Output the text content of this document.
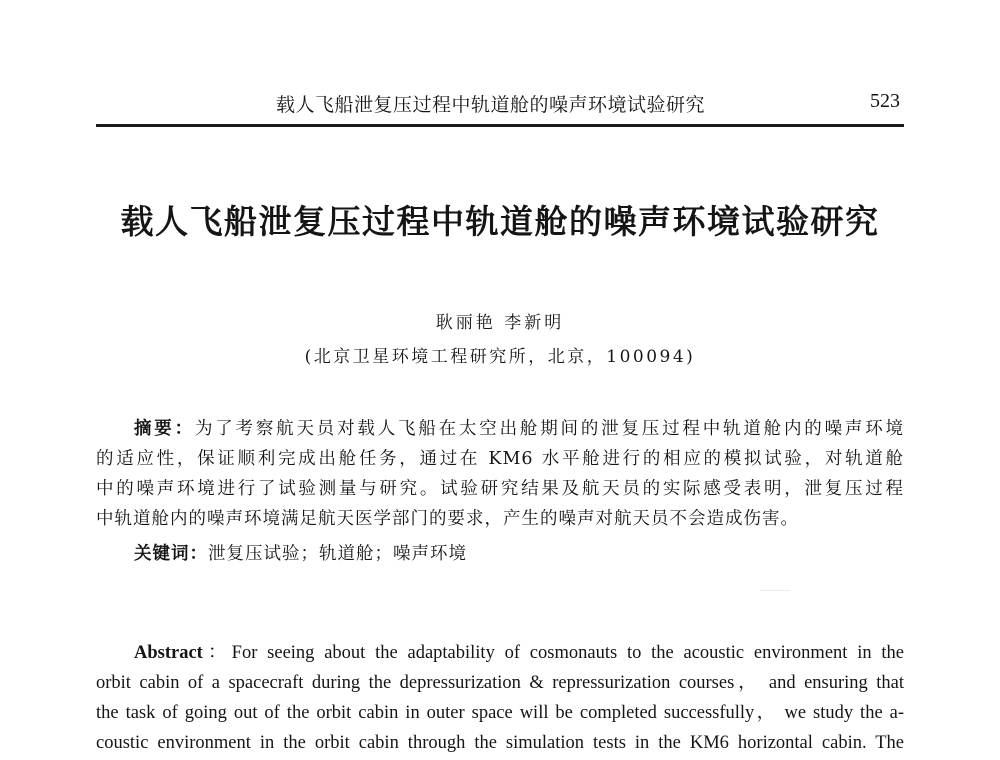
载人飞船泄复压过程中轨道舱的噪声环境试验研究	523
载人飞船泄复压过程中轨道舱的噪声环境试验研究
耿丽艳 李新明
(北京卫星环境工程研究所，北京，100094)
摘要：为了考察航天员对载人飞船在太空出舱期间的泄复压过程中轨道舱内的噪声环境
的适应性，保证顺利完成出舱任务，通过在 KM6 水平舱进行的相应的模拟试验，对轨道舱
中的噪声环境进行了试验测量与研究。试验研究结果及航天员的实际感受表明，泄复压过程
中轨道舱内的噪声环境满足航天医学部门的要求，产生的噪声对航天员不会造成伤害。
关键词：泄复压试验；轨道舱；噪声环境
Abstract：For seeing about the adaptability of cosmonauts to the acoustic environment in the
orbit cabin of a spacecraft during the depressurization & repressurization courses， and ensuring that
the task of going out of the orbit cabin in outer space will be completed successfully， we study the a-
coustic environment in the orbit cabin through the simulation tests in the KM6 horizontal cabin. The
